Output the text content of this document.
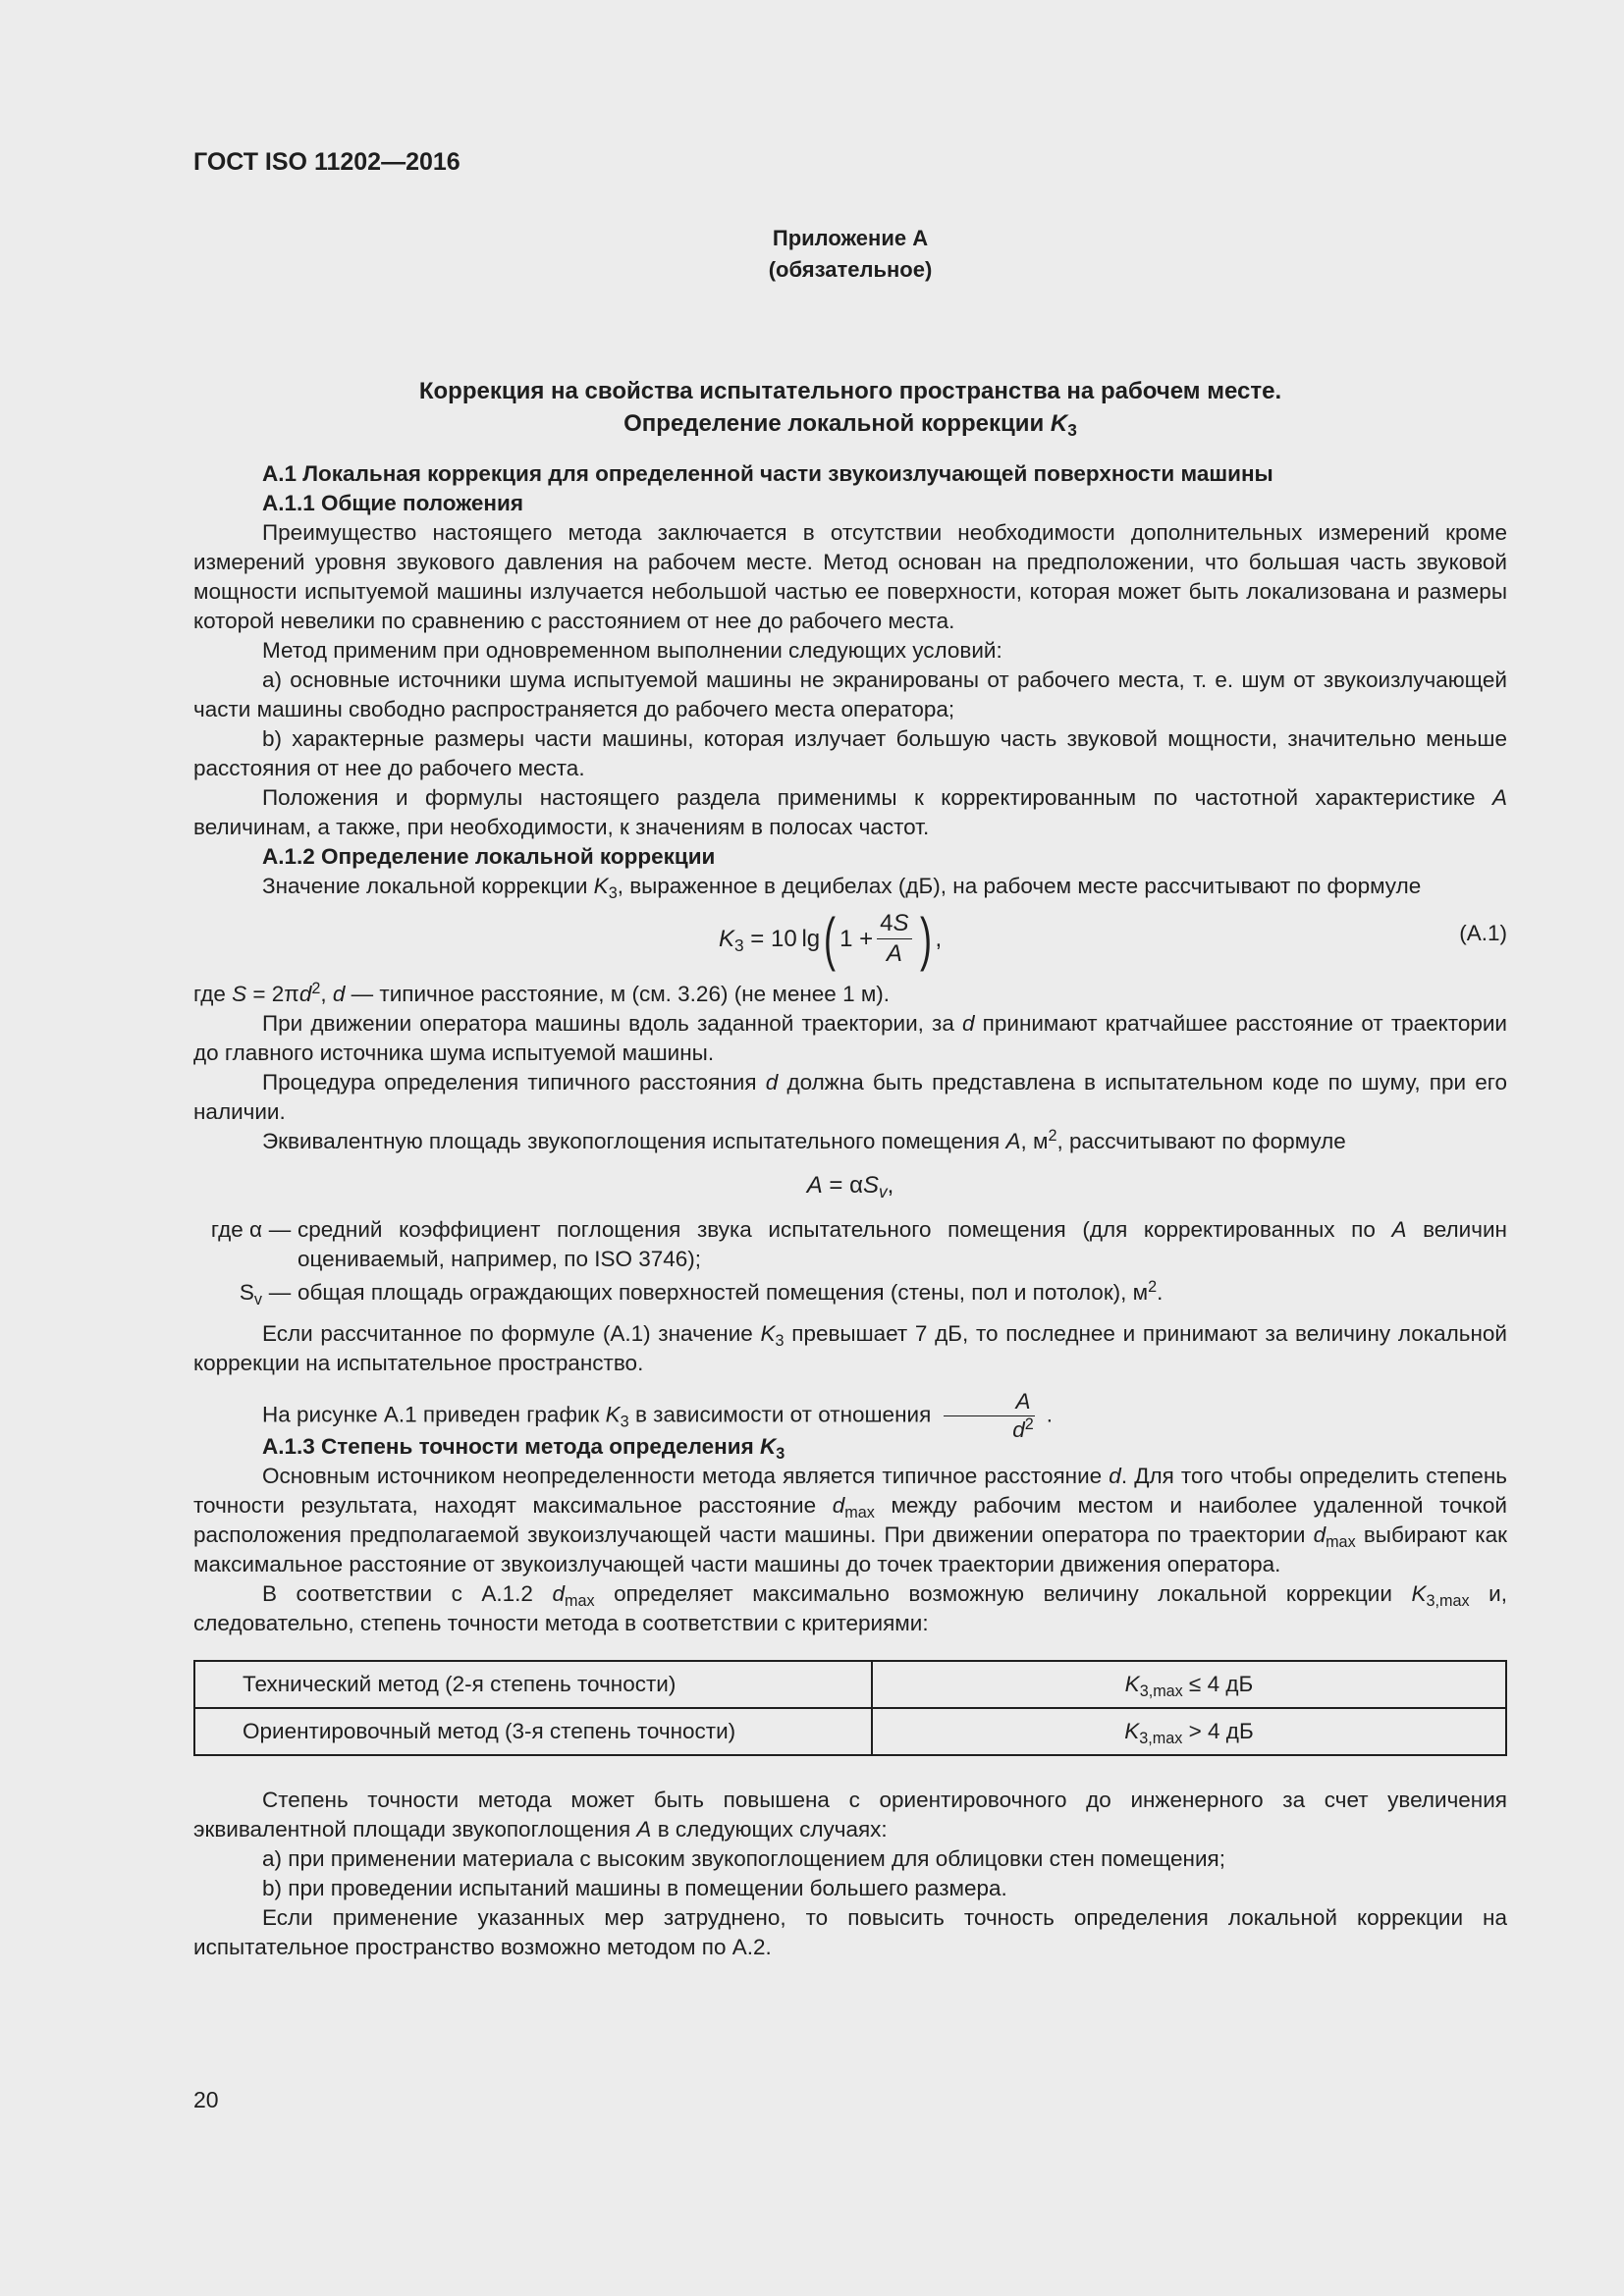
ГОСТ ISO 11202—2016
Приложение А
(обязательное)
Коррекция на свойства испытательного пространства на рабочем месте.
Определение локальной коррекции $K_3$

А.1 Локальная коррекция для определенной части звукоизлучающей поверхности машины

А.1.1 Общие положения

Преимущество настоящего метода заключается в отсутствии необходимости дополнительных измерений кроме измерений уровня звукового давления на рабочем месте. Метод основан на предположении, что большая часть звуковой мощности испытуемой машины излучается небольшой частью ее поверхности, которая может быть локализована и размеры которой невелики по сравнению с расстоянием от нее до рабочего места.

Метод применим при одновременном выполнении следующих условий:

a) основные источники шума испытуемой машины не экранированы от рабочего места, т. е. шум от звукоизлучающей части машины свободно распространяется до рабочего места оператора;

b) характерные размеры части машины, которая излучает большую часть звуковой мощности, значительно меньше расстояния от нее до рабочего места.

Положения и формулы настоящего раздела применимы к корректированным по частотной характеристике A величинам, а также, при необходимости, к значениям в полосах частот.

А.1.2 Определение локальной коррекции

Значение локальной коррекции $K_3$, выраженное в децибелах (дБ), на рабочем месте рассчитывают по формуле

$K_3 = 10$ lg ( $1 + \frac{4S}{A}$ ) ,	(А.1)

где $S = 2\pi d^2$, d — типичное расстояние, м (см. 3.26) (не менее 1 м).

При движении оператора машины вдоль заданной траектории, за d принимают кратчайшее расстояние от траектории до главного источника шума испытуемой машины.

Процедура определения типичного расстояния d должна быть представлена в испытательном коде по шуму, при его наличии.

Эквивалентную площадь звукопоглощения испытательного помещения A, $м^2$, рассчитывают по формуле

$A = \alpha S_v$,
где α — средний коэффициент поглощения звука испытательного помещения (для корректированных по A величин оцениваемый, например, по ISO 3746);
$S_v$ — общая площадь ограждающих поверхностей помещения (стены, пол и потолок), $м^2$.

Если рассчитанное по формуле (А.1) значение $K_3$ превышает 7 дБ, то последнее и принимают за величину локальной коррекции на испытательное пространство.

На рисунке А.1 приведен график $K_3$ в зависимости от отношения $\frac{A}{d^2}$ .

А.1.3 Степень точности метода определения $K_3$

Основным источником неопределенности метода является типичное расстояние d. Для того чтобы определить степень точности результата, находят максимальное расстояние $d_{max}$ между рабочим местом и наиболее удаленной точкой расположения предполагаемой звукоизлучающей части машины. При движении оператора по траектории $d_{max}$ выбирают как максимальное расстояние от звукоизлучающей части машины до точек траектории движения оператора.

В соответствии с А.1.2 $d_{max}$ определяет максимально возможную величину локальной коррекции $K_{3,max}$ и, следовательно, степень точности метода в соответствии с критериями:

Технический метод (2-я степень точности)	$K_{3,max} \le 4$ дБ
Ориентировочный метод (3-я степень точности)	$K_{3,max} > 4$ дБ

Степень точности метода может быть повышена с ориентировочного до инженерного за счет увеличения эквивалентной площади звукопоглощения A в следующих случаях:

a) при применении материала с высоким звукопоглощением для облицовки стен помещения;

b) при проведении испытаний машины в помещении большего размера.

Если применение указанных мер затруднено, то повысить точность определения локальной коррекции на испытательное пространство возможно методом по А.2.

20
